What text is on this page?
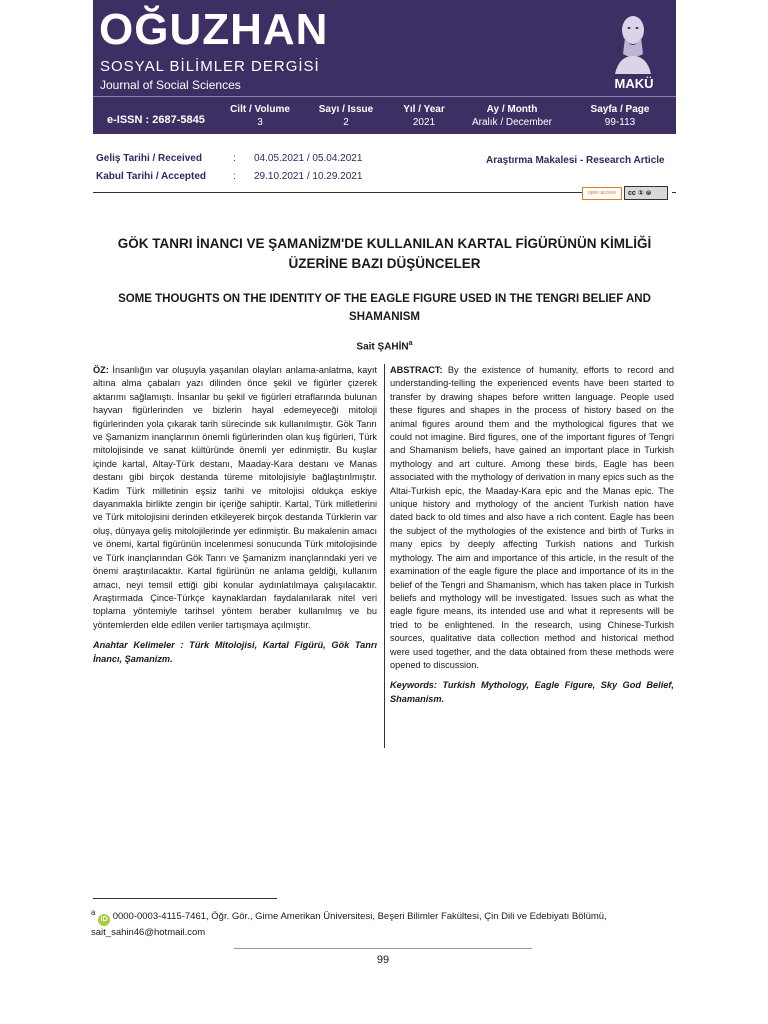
OĞUZHAN
SOSYAL BİLİMLER DERGİSİ
Journal of Social Sciences	MAKÜ
e-ISSN : 2687-5845
Cilt / Volume
3
Sayı / Issue
2
Yıl / Year
2021
Ay / Month
Aralık / December
Sayfa / Page
99-113
Geliş Tarihi / Received
Kabul Tarihi / Accepted
:
:
04.05.2021 / 05.04.2021
29.10.2021 / 10.29.2021
Araştırma Makalesi - Research Article
open access	cc ① ⊜
GÖK TANRI İNANCI VE ŞAMANİZM'DE KULLANILAN KARTAL FİGÜRÜNÜN KİMLİĞİ ÜZERİNE BAZI DÜŞÜNCELER
SOME THOUGHTS ON THE IDENTITY OF THE EAGLE FIGURE USED IN THE TENGRI BELIEF AND SHAMANISM
Sait ŞAHİN$^a$

ÖZ: İnsanlığın var oluşuyla yaşanılan olayları anlama-anlatma, kayıt altına alma çabaları yazı dilinden önce şekil ve figürler çizerek aktarımı sağlamıştı. İnsanlar bu şekil ve figürleri etraflarında bulunan hayvan figürlerinden ve bizlerin hayal edemeyeceği mitoloji figürlerinden yola çıkarak tarih sürecinde sık kullanılmıştır. Gök Tanrı ve Şamanizm inançlarının önemli figürlerinden olan kuş figürleri, Türk mitolojisinde ve sanat kültüründe önemli yer edinmiştir. Bu kuşlar içinde kartal, Altay-Türk destanı, Maaday-Kara destanı ve Manas destanı gibi birçok destanda türeme mitolojisiyle bağlaştırılmıştır. Kadim Türk milletinin eşsiz tarihi ve mitolojisi oldukça eskiye dayanmakla birlikte zengin bir içeriğe sahiptir. Kartal, Türk milletlerini ve Türk mitolojisini derinden etkileyerek birçok destanda Türklerin var oluş, dünyaya geliş mitolojilerinde yer edinmiştir. Bu makalenin amacı ve önemi, kartal figürünün incelenmesi sonucunda Türk mitolojisinde ve Türk inançlarından Gök Tanrı ve Şamanizm inançlarındaki yeri ve önemi araştırılacaktır. Kartal figürünün ne anlama geldiği, kullanım amacı, neyi temsil ettiği gibi konular aydınlatılmaya çalışılacaktır. Araştırmada Çince-Türkçe kaynaklardan faydalanılarak nitel veri toplama yöntemiyle tarihsel yöntem beraber kullanılmış ve bu yöntemlerden elde edilen veriler tartışmaya açılmıştır.

Anahtar Kelimeler : Türk Mitolojisi, Kartal Figürü, Gök Tanrı İnancı, Şamanizm.

ABSTRACT: By the existence of humanity, efforts to record and understanding-telling the experienced events have been started to transfer by drawing shapes before written language. People used these figures and shapes in the process of history based on the animal figures around them and the mythological figures that we could not imagine. Bird figures, one of the important figures of Tengri and Shamanism beliefs, have gained an important place in Turkish mythology and art culture. Among these birds, Eagle has been associated with the mythology of derivation in many epics such as the Altai-Turkish epic, the Maaday-Kara epic and the Manas epic. The unique history and mythology of the ancient Turkish nation have dated back to old times and also have a rich content. Eagle has been the subject of the mythologies of the existence and birth of Turks in many epics by deeply affecting Turkish nations and Turkish mythology. The aim and importance of this article, in the result of the examination of the eagle figure the place and importance of its in the belief of the Tengri and Shamanism, which has taken place in Turkish beliefs and mythology will be investigated. Issues such as what the eagle figure means, its intended use and what it represents will be tried to be enlightened. In the research, using Chinese-Turkish sources, qualitative data collection method and historical method were used together, and the data obtained from these methods were opened to discussion.

Keywords: Turkish Mythology, Eagle Figure, Sky God Belief, Shamanism.

$^a$ iD 0000-0003-4115-7461, Öğr. Gör., Girne Amerikan Üniversitesi, Beşeri Bilimler Fakültesi, Çin Dili ve Edebiyatı Bölümü, sait_sahin46@hotmail.com
99
